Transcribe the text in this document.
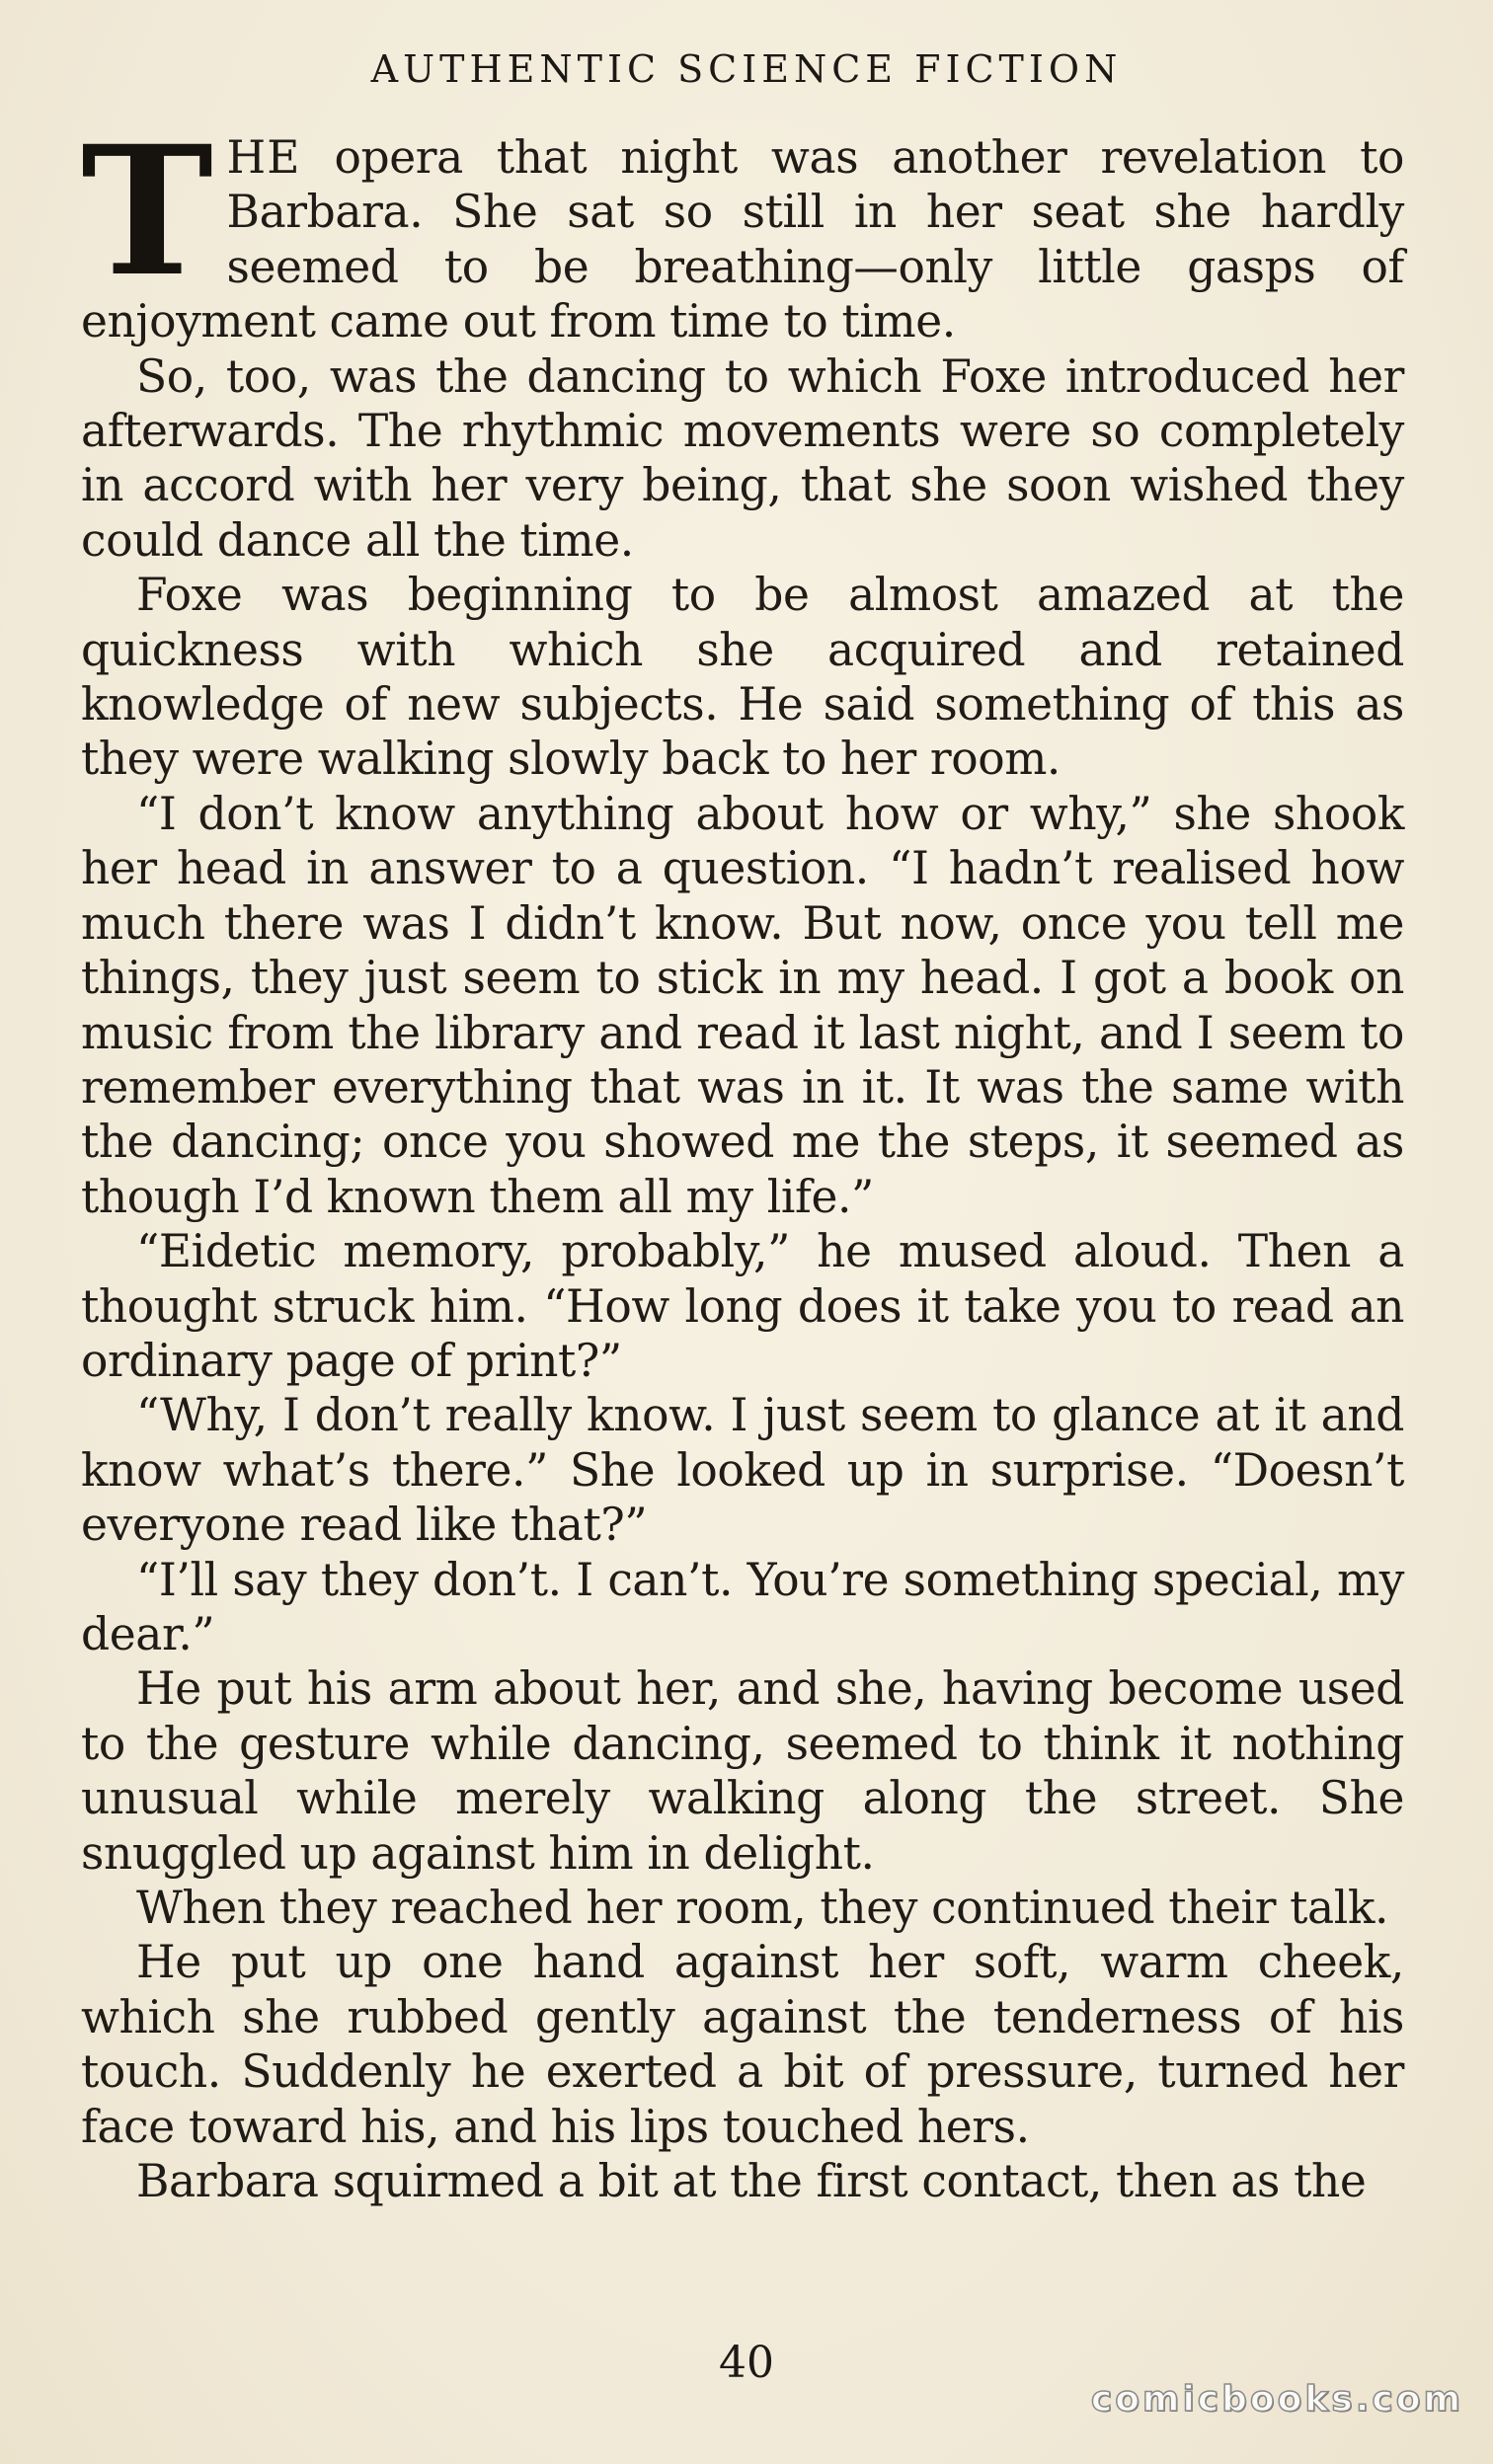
AUTHENTIC SCIENCE FICTION

THE opera that night was another revelation to Barbara. She sat so still in her seat she hardly seemed to be breathing—only little gasps of enjoyment came out from time to time.

So, too, was the dancing to which Foxe introduced her afterwards. The rhythmic movements were so completely in accord with her very being, that she soon wished they could dance all the time.

Foxe was beginning to be almost amazed at the quickness with which she acquired and retained knowledge of new subjects. He said something of this as they were walking slowly back to her room.

“I don’t know anything about how or why,” she shook her head in answer to a question. “I hadn’t realised how much there was I didn’t know. But now, once you tell me things, they just seem to stick in my head. I got a book on music from the library and read it last night, and I seem to remember everything that was in it. It was the same with the dancing; once you showed me the steps, it seemed as though I’d known them all my life.”

“Eidetic memory, probably,” he mused aloud. Then a thought struck him. “How long does it take you to read an ordinary page of print?”

“Why, I don’t really know. I just seem to glance at it and know what’s there.” She looked up in surprise. “Doesn’t everyone read like that?”

“I’ll say they don’t. I can’t. You’re something special, my dear.”

He put his arm about her, and she, having become used to the gesture while dancing, seemed to think it nothing unusual while merely walking along the street. She snuggled up against him in delight.

When they reached her room, they continued their talk.

He put up one hand against her soft, warm cheek, which she rubbed gently against the tenderness of his touch. Suddenly he exerted a bit of pressure, turned her face toward his, and his lips touched hers.

Barbara squirmed a bit at the first contact, then as the

40
comicbooks.com
